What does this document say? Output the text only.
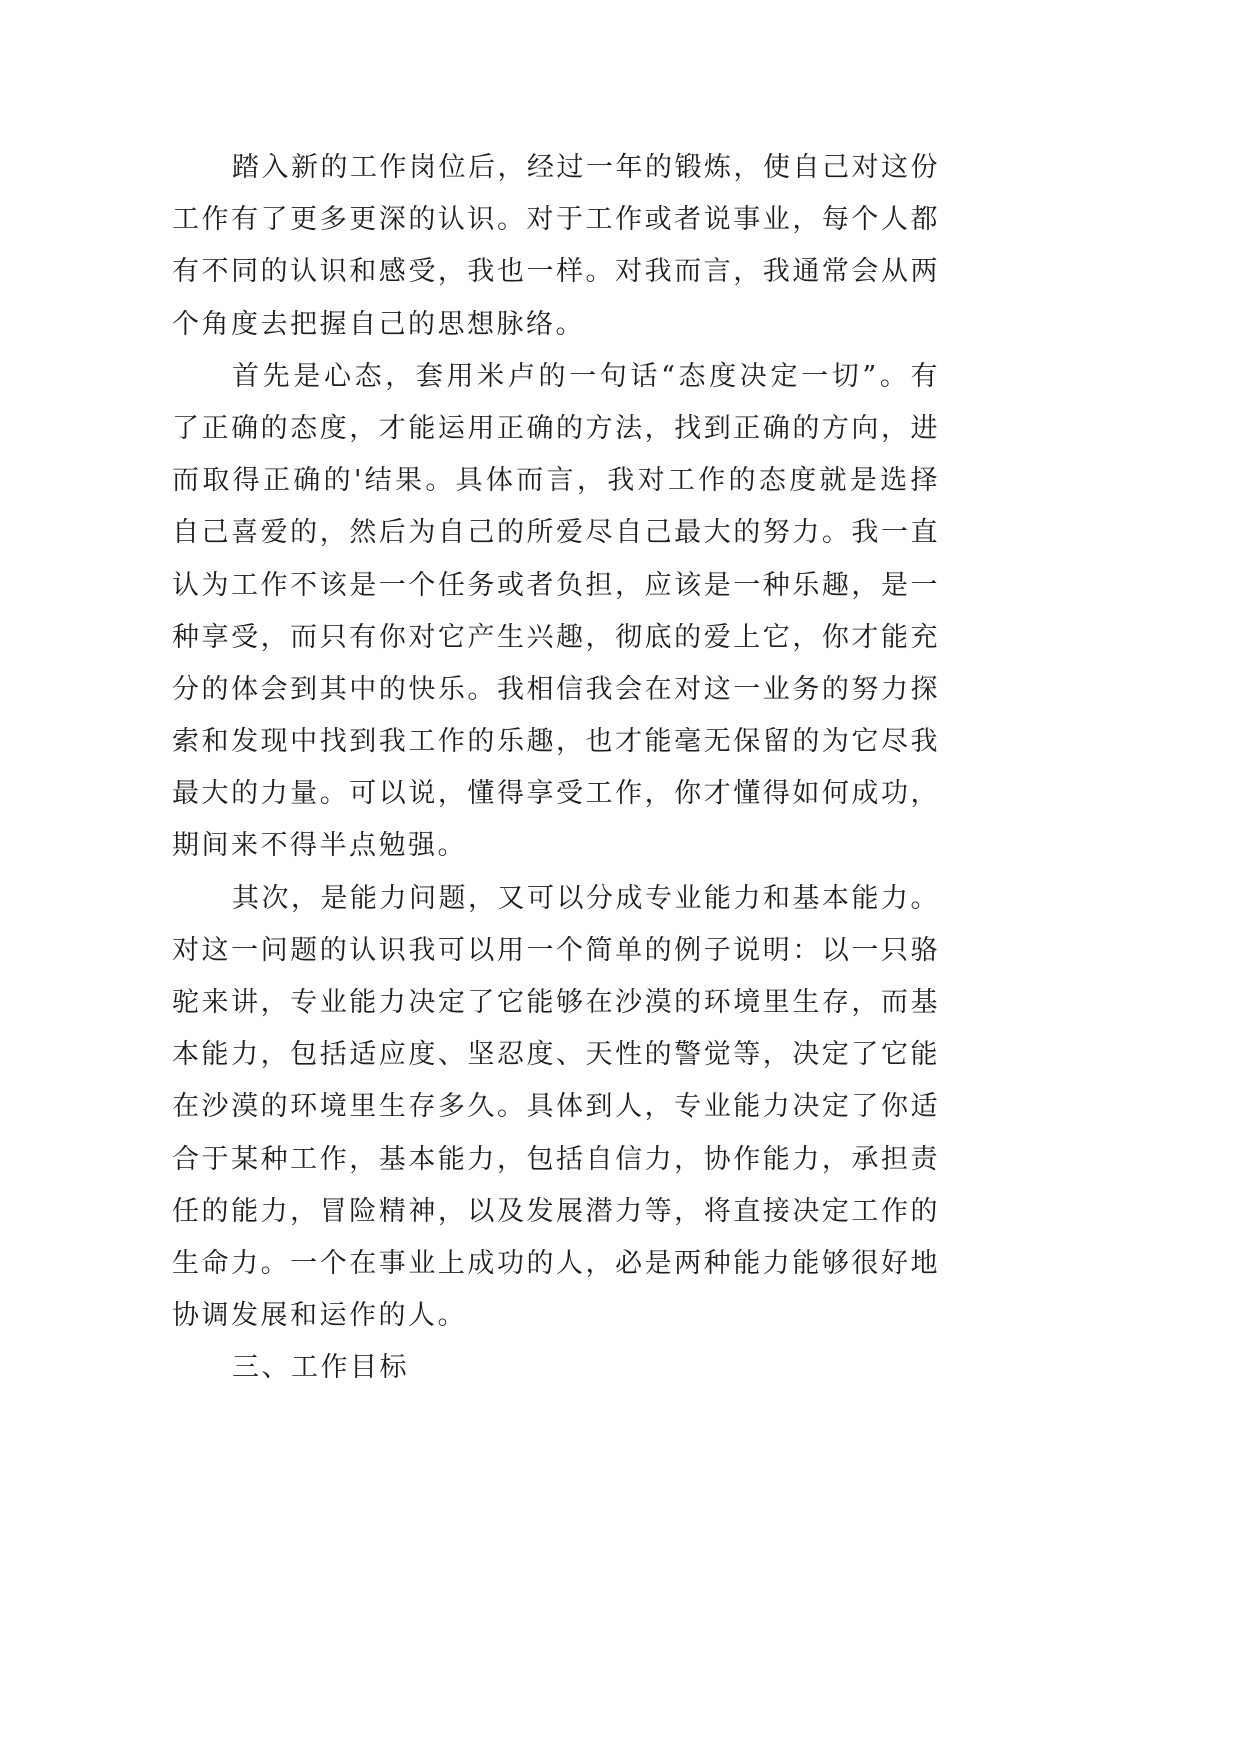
踏入新的工作岗位后，经过一年的锻炼，使自己对这份
工作有了更多更深的认识。对于工作或者说事业，每个人都
有不同的认识和感受，我也一样。对我而言，我通常会从两
个角度去把握自己的思想脉络。
首先是心态，套用米卢的一句话“态度决定一切”。有
了正确的态度，才能运用正确的方法，找到正确的方向，进
而取得正确的'结果。具体而言，我对工作的态度就是选择
自己喜爱的，然后为自己的所爱尽自己最大的努力。我一直
认为工作不该是一个任务或者负担，应该是一种乐趣，是一
种享受，而只有你对它产生兴趣，彻底的爱上它，你才能充
分的体会到其中的快乐。我相信我会在对这一业务的努力探
索和发现中找到我工作的乐趣，也才能毫无保留的为它尽我
最大的力量。可以说，懂得享受工作，你才懂得如何成功，
期间来不得半点勉强。
其次，是能力问题，又可以分成专业能力和基本能力。
对这一问题的认识我可以用一个简单的例子说明：以一只骆
驼来讲，专业能力决定了它能够在沙漠的环境里生存，而基
本能力，包括适应度、坚忍度、天性的警觉等，决定了它能
在沙漠的环境里生存多久。具体到人，专业能力决定了你适
合于某种工作，基本能力，包括自信力，协作能力，承担责
任的能力，冒险精神，以及发展潜力等，将直接决定工作的
生命力。一个在事业上成功的人，必是两种能力能够很好地
协调发展和运作的人。
三、工作目标
